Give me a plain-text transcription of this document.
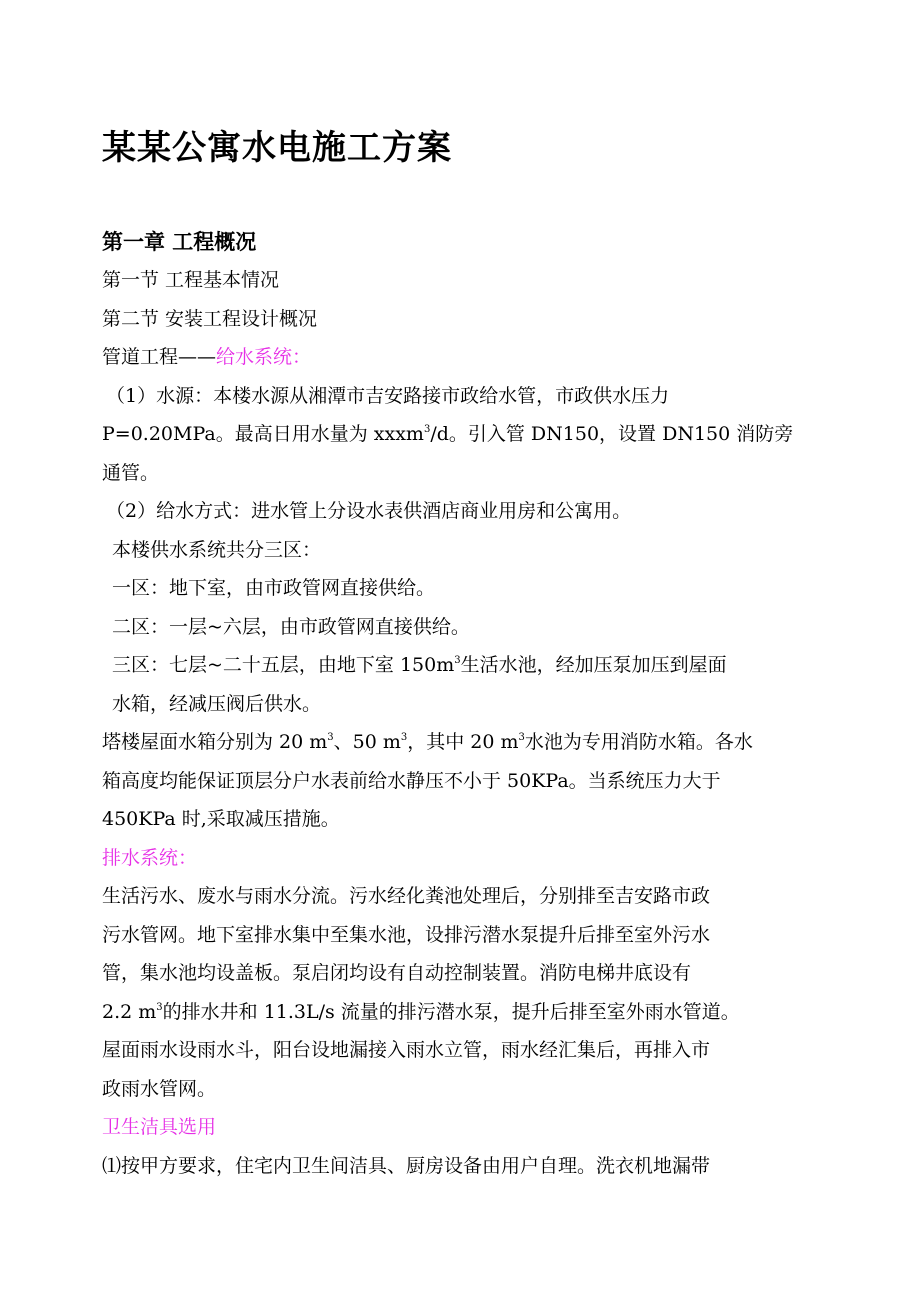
某某公寓水电施工方案
第一章 工程概况
第一节 工程基本情况
第二节 安装工程设计概况
管道工程——给水系统：
（1）水源：本楼水源从湘潭市吉安路接市政给水管，市政供水压力
P=0.20MPa。最高日用水量为 xxxm$^3$/d。引入管 DN150，设置 DN150 消防旁
通管。
（2）给水方式：进水管上分设水表供酒店商业用房和公寓用。
本楼供水系统共分三区：
一区：地下室，由市政管网直接供给。
二区：一层~六层，由市政管网直接供给。
三区：七层~二十五层，由地下室 $150m^3$生活水池，经加压泵加压到屋面
水箱，经减压阀后供水。
塔楼屋面水箱分别为 20 $m^3$、50 $m^3$，其中 20 $m^3$水池为专用消防水箱。各水
箱高度均能保证顶层分户水表前给水静压不小于 50KPa。当系统压力大于
450KPa 时,采取减压措施。
排水系统：
生活污水、废水与雨水分流。污水经化粪池处理后，分别排至吉安路市政
污水管网。地下室排水集中至集水池，设排污潜水泵提升后排至室外污水
管，集水池均设盖板。泵启闭均设有自动控制装置。消防电梯井底设有
2.2 $m^3$的排水井和 11.3L/s 流量的排污潜水泵，提升后排至室外雨水管道。
屋面雨水设雨水斗，阳台设地漏接入雨水立管，雨水经汇集后，再排入市
政雨水管网。
卫生洁具选用
⑴按甲方要求，住宅内卫生间洁具、厨房设备由用户自理。洗衣机地漏带
